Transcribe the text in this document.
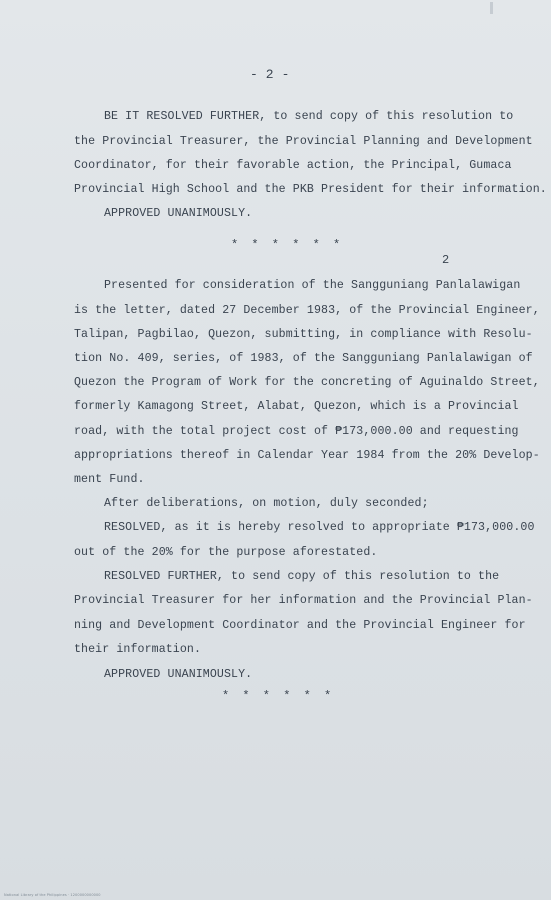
- 2 -
BE IT RESOLVED FURTHER, to send copy of this resolution to
the Provincial Treasurer, the Provincial Planning and Development
Coordinator, for their favorable action, the Principal, Gumaca
Provincial High School and the PKB President for their information.
APPROVED UNANIMOUSLY.
* * * * * *
2
Presented for consideration of the Sangguniang Panlalawigan
is the letter, dated 27 December 1983, of the Provincial Engineer,
Talipan, Pagbilao, Quezon, submitting, in compliance with Resolu-
tion No. 409, series, of 1983, of the Sangguniang Panlalawigan of
Quezon the Program of Work for the concreting of Aguinaldo Street,
formerly Kamagong Street, Alabat, Quezon, which is a Provincial
road, with the total project cost of ₱173,000.00 and requesting
appropriations thereof in Calendar Year 1984 from the 20% Develop-
ment Fund.
After deliberations, on motion, duly seconded;
RESOLVED, as it is hereby resolved to appropriate ₱173,000.00
out of the 20% for the purpose aforestated.
RESOLVED FURTHER, to send copy of this resolution to the
Provincial Treasurer for her information and the Provincial Plan-
ning and Development Coordinator and the Provincial Engineer for
their information.
APPROVED UNANIMOUSLY.
* * * * * *
National Library of the Philippines · 1200000000000
